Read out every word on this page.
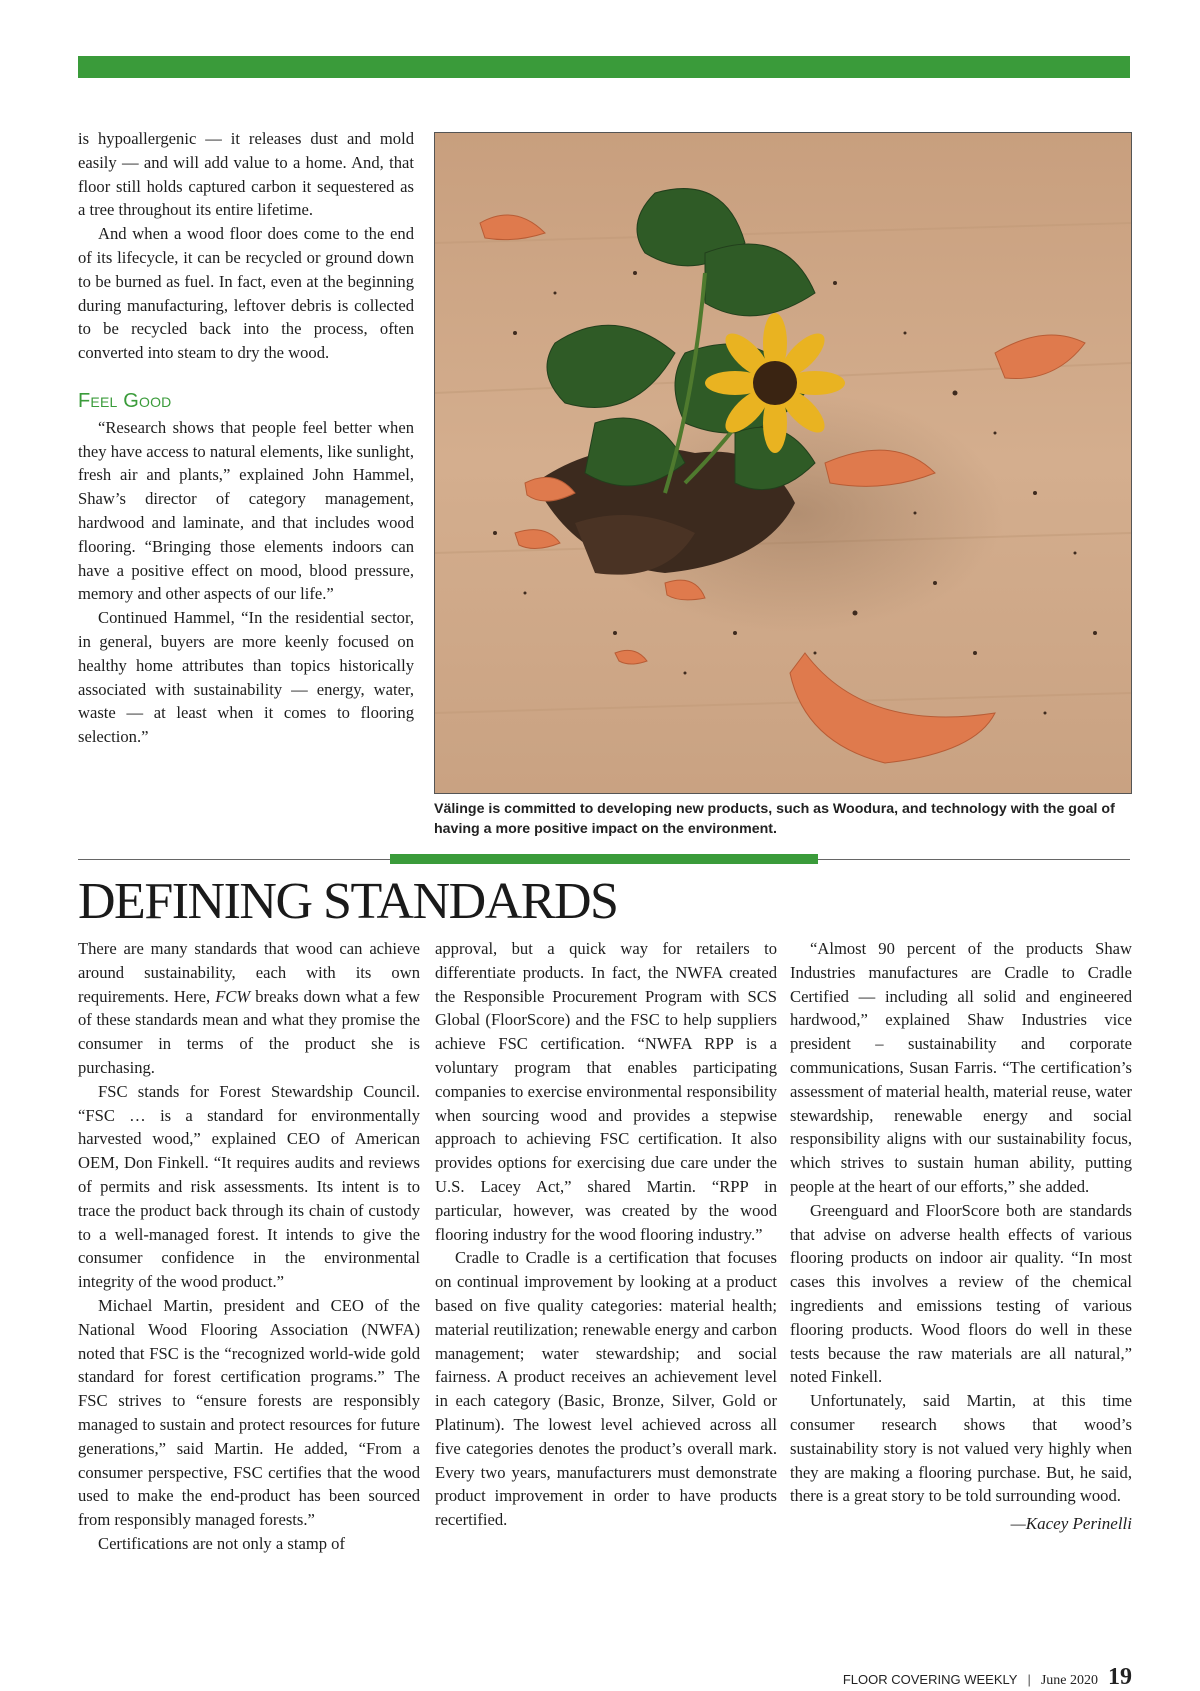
is hypoallergenic — it releases dust and mold easily — and will add value to a home. And, that floor still holds captured carbon it sequestered as a tree throughout its entire lifetime.

And when a wood floor does come to the end of its lifecycle, it can be recycled or ground down to be burned as fuel. In fact, even at the beginning during manufacturing, leftover debris is collected to be recycled back into the process, often converted into steam to dry the wood.

Feel Good

“Research shows that people feel better when they have access to natural elements, like sunlight, fresh air and plants,” explained John Hammel, Shaw’s director of category management, hardwood and laminate, and that includes wood flooring. “Bringing those elements indoors can have a positive effect on mood, blood pressure, memory and other aspects of our life.”

Continued Hammel, “In the residential sector, in general, buyers are more keenly focused on healthy home attributes than topics historically associated with sustainability — energy, water, waste — at least when it comes to flooring selection.”

Välinge is committed to developing new products, such as Woodura, and technology with the goal of having a more positive impact on the environment.
DEFINING STANDARDS

There are many standards that wood can achieve around sustainability, each with its own requirements. Here, FCW breaks down what a few of these standards mean and what they promise the consumer in terms of the product she is purchasing.

FSC stands for Forest Stewardship Council. “FSC … is a standard for environmentally harvested wood,” explained CEO of American OEM, Don Finkell. “It requires audits and reviews of permits and risk assessments. Its intent is to trace the product back through its chain of custody to a well-managed forest. It intends to give the consumer confidence in the environmental integrity of the wood product.”

Michael Martin, president and CEO of the National Wood Flooring Association (NWFA) noted that FSC is the “recognized world-wide gold standard for forest certification programs.” The FSC strives to “ensure forests are responsibly managed to sustain and protect resources for future generations,” said Martin. He added, “From a consumer perspective, FSC certifies that the wood used to make the end-product has been sourced from responsibly managed forests.”

Certifications are not only a stamp of

approval, but a quick way for retailers to differentiate products. In fact, the NWFA created the Responsible Procurement Program with SCS Global (FloorScore) and the FSC to help suppliers achieve FSC certification. “NWFA RPP is a voluntary program that enables participating companies to exercise environmental responsibility when sourcing wood and provides a stepwise approach to achieving FSC certification. It also provides options for exercising due care under the U.S. Lacey Act,” shared Martin. “RPP in particular, however, was created by the wood flooring industry for the wood flooring industry.”

Cradle to Cradle is a certification that focuses on continual improvement by looking at a product based on five quality categories: material health; material reutilization; renewable energy and carbon management; water stewardship; and social fairness. A product receives an achievement level in each category (Basic, Bronze, Silver, Gold or Platinum). The lowest level achieved across all five categories denotes the product’s overall mark. Every two years, manufacturers must demonstrate product improvement in order to have products recertified.

“Almost 90 percent of the products Shaw Industries manufactures are Cradle to Cradle Certified — including all solid and engineered hardwood,” explained Shaw Industries vice president – sustainability and corporate communications, Susan Farris. “The certification’s assessment of material health, material reuse, water stewardship, renewable energy and social responsibility aligns with our sustainability focus, which strives to sustain human ability, putting people at the heart of our efforts,” she added.

Greenguard and FloorScore both are standards that advise on adverse health effects of various flooring products on indoor air quality. “In most cases this involves a review of the chemical ingredients and emissions testing of various flooring products. Wood floors do well in these tests because the raw materials are all natural,” noted Finkell.

Unfortunately, said Martin, at this time consumer research shows that wood’s sustainability story is not valued very highly when they are making a flooring purchase. But, he said, there is a great story to be told surrounding wood.

—Kacey Perinelli
FLOOR COVERING WEEKLY | June 2020 19
